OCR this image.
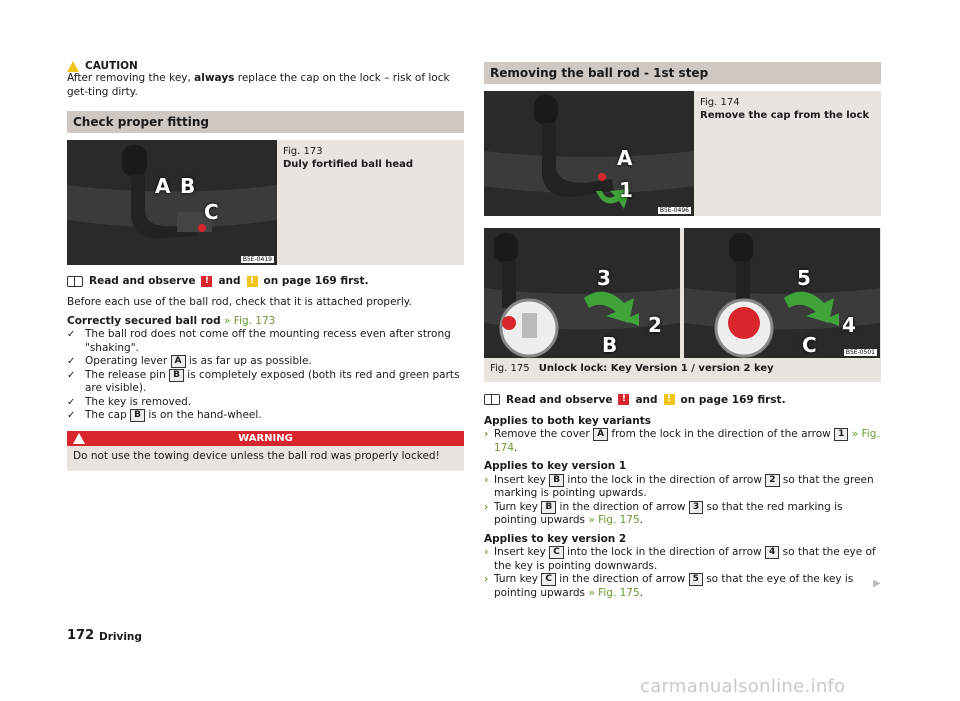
CAUTION

After removing the key, always replace the cap on the lock – risk of lock get-ting dirty.

Check proper fitting
A B
C
B5E-0419
Fig. 173
Duly fortified ball head
Read and observe	! and	! on page 169 first.

Before each use of the ball rod, check that it is attached properly.

Correctly secured ball rod » Fig. 173

✓ The ball rod does not come off the mounting recess even after strong "shaking".
✓ Operating lever A is as far up as possible.
✓ The release pin B is completely exposed (both its red and green parts are visible).
✓ The key is removed.
✓ The cap B is on the hand-wheel.
WARNING
Do not use the towing device unless the ball rod was properly locked!
Removing the ball rod - 1st step
A
1
B5E-0496
Fig. 174
Remove the cap from the lock
3
2
B
5
4
C	B5E-0501
Fig. 175 Unlock lock: Key Version 1 / version 2 key
Read and observe	! and	! on page 169 first.
Applies to both key variants
› Remove the cover A from the lock in the direction of the arrow 1 » Fig. 174.
Applies to key version 1
› Insert key B into the lock in the direction of arrow 2 so that the green marking is pointing upwards.
› Turn key B in the direction of arrow 3 so that the red marking is pointing upwards » Fig. 175.
Applies to key version 2
› Insert key C into the lock in the direction of arrow 4 so that the eye of the key is pointing downwards.
› Turn key C in the direction of arrow 5 so that the eye of the key is pointing upwards » Fig. 175.
▶
172 Driving
carmanualsonline.info
